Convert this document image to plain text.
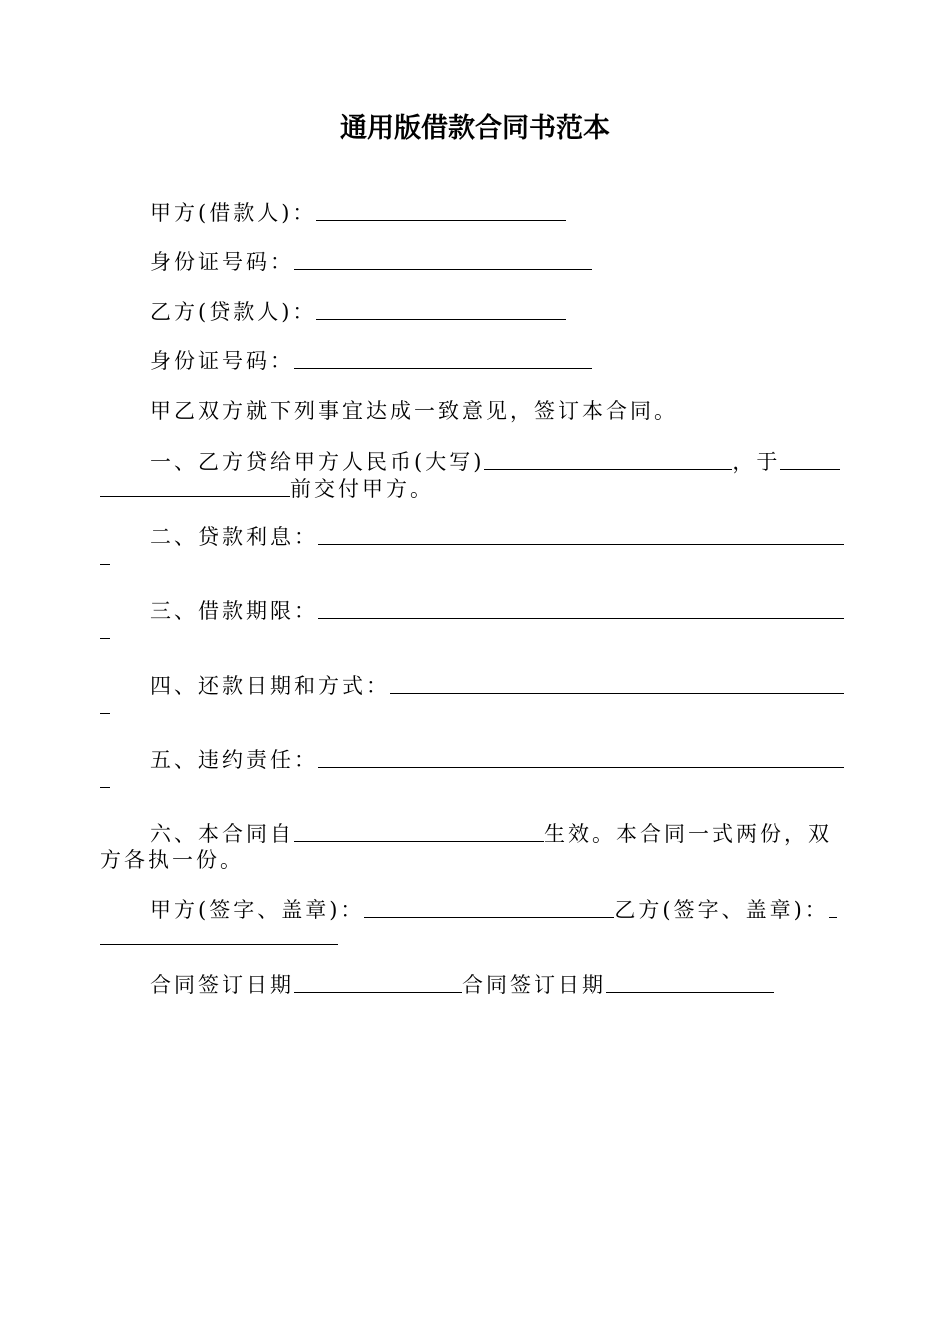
通用版借款合同书范本
甲方(借款人)：
身份证号码：
乙方(贷款人)：
身份证号码：
甲乙双方就下列事宜达成一致意见，签订本合同。
一、乙方贷给甲方人民币(大写)	，于
前交付甲方。
二、贷款利息：
三、借款期限：
四、还款日期和方式：
五、违约责任：
六、本合同自	生效。本合同一式两份，双
方各执一份。
甲方(签字、盖章)：	乙方(签字、盖章)：
合同签订日期	合同签订日期
